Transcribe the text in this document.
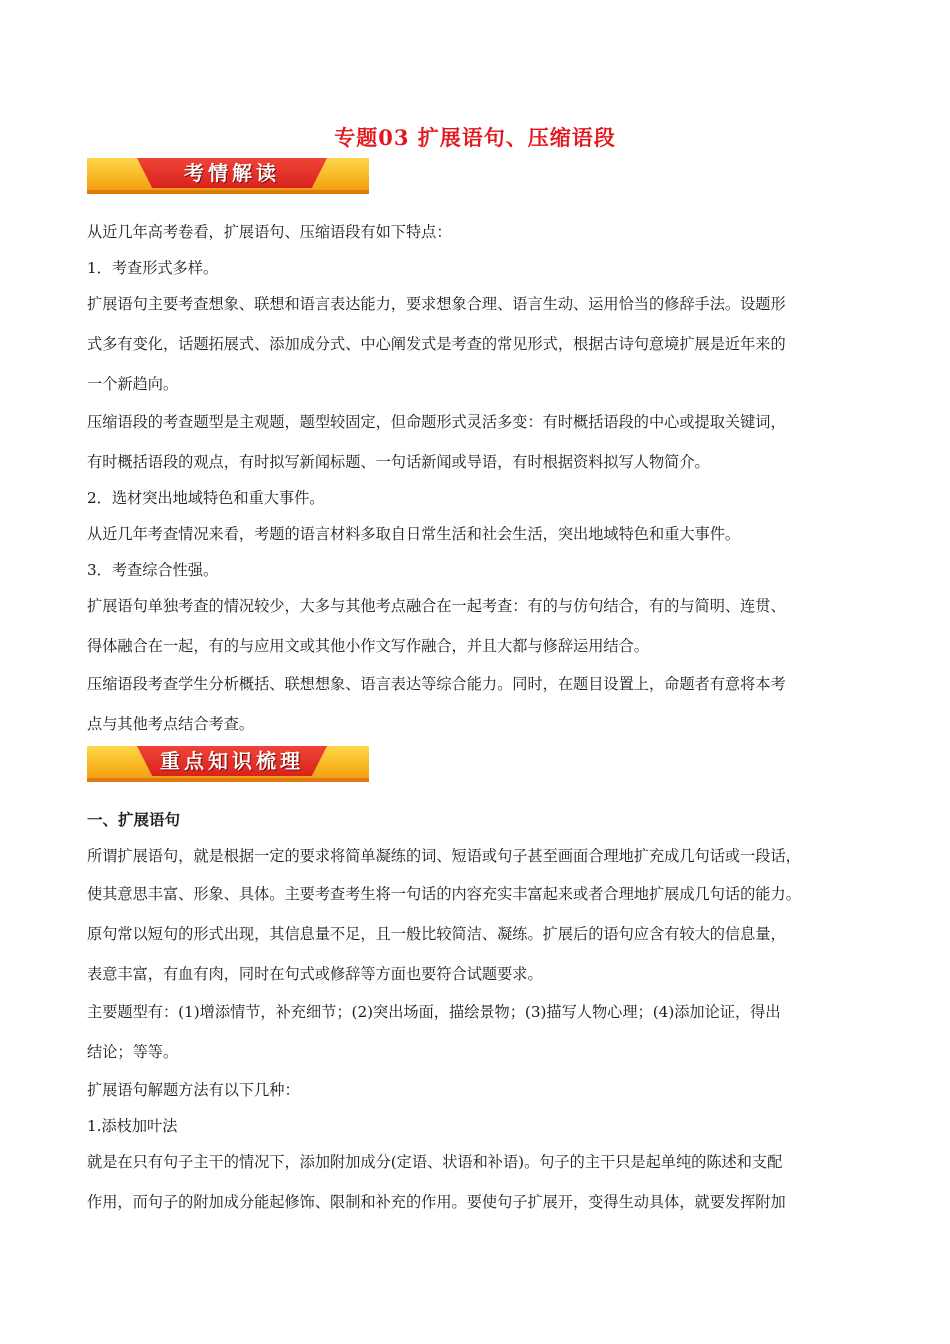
专题03 扩展语句、压缩语段
考情解读
从近几年高考卷看，扩展语句、压缩语段有如下特点：
1．考查形式多样。
扩展语句主要考查想象、联想和语言表达能力，要求想象合理、语言生动、运用恰当的修辞手法。设题形
式多有变化，话题拓展式、添加成分式、中心阐发式是考查的常见形式，根据古诗句意境扩展是近年来的
一个新趋向。
压缩语段的考查题型是主观题，题型较固定，但命题形式灵活多变：有时概括语段的中心或提取关键词，
有时概括语段的观点，有时拟写新闻标题、一句话新闻或导语，有时根据资料拟写人物简介。
2．选材突出地域特色和重大事件。
从近几年考查情况来看，考题的语言材料多取自日常生活和社会生活，突出地域特色和重大事件。
3．考查综合性强。
扩展语句单独考查的情况较少，大多与其他考点融合在一起考查：有的与仿句结合，有的与简明、连贯、
得体融合在一起，有的与应用文或其他小作文写作融合，并且大都与修辞运用结合。
压缩语段考查学生分析概括、联想想象、语言表达等综合能力。同时，在题目设置上，命题者有意将本考
点与其他考点结合考查。
重点知识梳理
一、扩展语句
所谓扩展语句，就是根据一定的要求将简单凝练的词、短语或句子甚至画面合理地扩充成几句话或一段话，
使其意思丰富、形象、具体。主要考查考生将一句话的内容充实丰富起来或者合理地扩展成几句话的能力。
原句常以短句的形式出现，其信息量不足，且一般比较简洁、凝练。扩展后的语句应含有较大的信息量，
表意丰富，有血有肉，同时在句式或修辞等方面也要符合试题要求。
主要题型有：(1)增添情节，补充细节；(2)突出场面，描绘景物；(3)描写人物心理；(4)添加论证，得出
结论；等等。
扩展语句解题方法有以下几种：
1.添枝加叶法
就是在只有句子主干的情况下，添加附加成分(定语、状语和补语)。句子的主干只是起单纯的陈述和支配
作用，而句子的附加成分能起修饰、限制和补充的作用。要使句子扩展开，变得生动具体，就要发挥附加
